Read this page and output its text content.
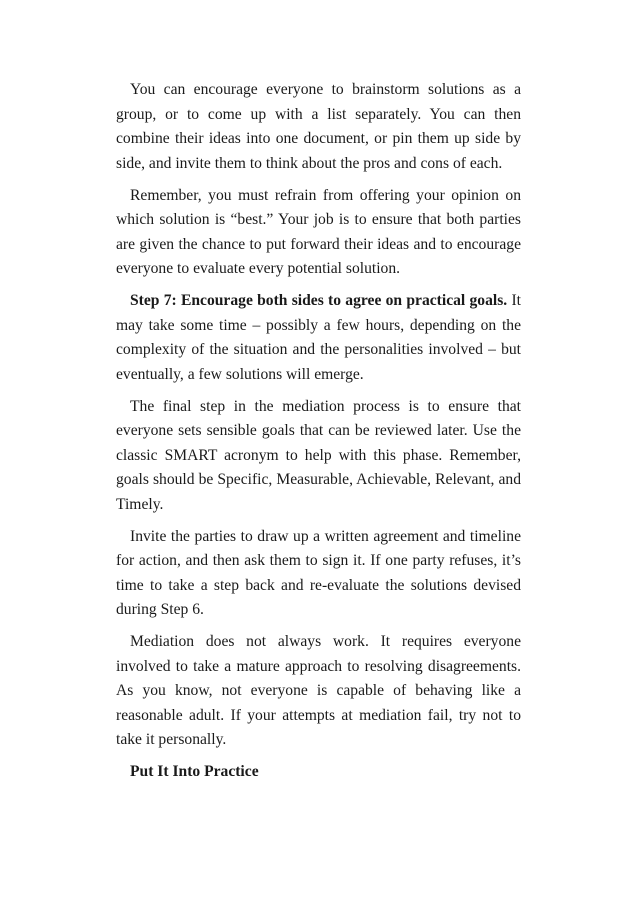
You can encourage everyone to brainstorm solutions as a group, or to come up with a list separately. You can then combine their ideas into one document, or pin them up side by side, and invite them to think about the pros and cons of each.

Remember, you must refrain from offering your opinion on which solution is “best.” Your job is to ensure that both parties are given the chance to put forward their ideas and to encourage everyone to evaluate every potential solution.

Step 7: Encourage both sides to agree on practical goals. It may take some time – possibly a few hours, depending on the complexity of the situation and the personalities involved – but eventually, a few solutions will emerge.

The final step in the mediation process is to ensure that everyone sets sensible goals that can be reviewed later. Use the classic SMART acronym to help with this phase. Remember, goals should be Specific, Measurable, Achievable, Relevant, and Timely.

Invite the parties to draw up a written agreement and timeline for action, and then ask them to sign it. If one party refuses, it’s time to take a step back and re-evaluate the solutions devised during Step 6.

Mediation does not always work. It requires everyone involved to take a mature approach to resolving disagreements. As you know, not everyone is capable of behaving like a reasonable adult. If your attempts at mediation fail, try not to take it personally.

Put It Into Practice
